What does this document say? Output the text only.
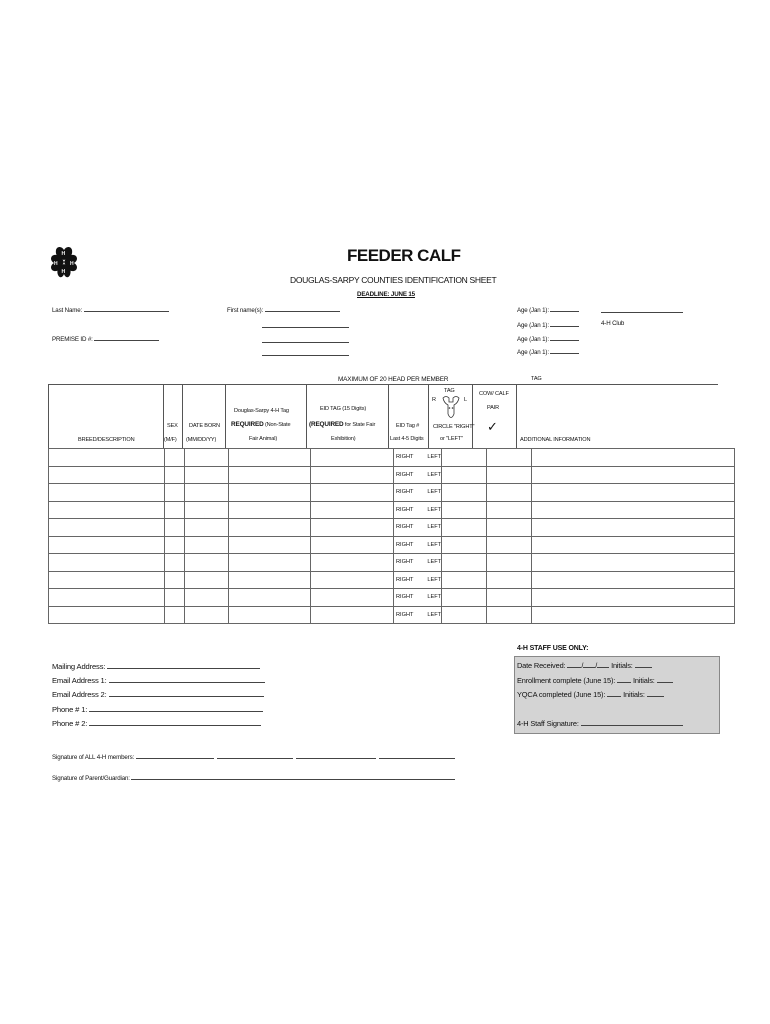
H
H H
H
FEEDER CALF
DOUGLAS-SARPY COUNTIES IDENTIFICATION SHEET
DEADLINE: JUNE 15
Last Name:	First name(s):
PREMISE ID #:
Age (Jan 1):
Age (Jan 1):
Age (Jan 1):
Age (Jan 1):
4-H Club
MAXIMUM OF 20 HEAD PER MEMBER	TAG
BREED/DESCRIPTION
SEX
(M/F)
DATE BORN
(MM/DD/YY)
Douglas-Sarpy 4-H Tag
REQUIRED (Non-State
Fair Animal)
EID TAG (15 Digits)
(REQUIRED for State Fair
Exhibition)
EID Tag #
Last 4-5 Digits
TAG
R	L
CIRCLE "RIGHT"
or "LEFT"
COW/ CALF
PAIR
✓
ADDITIONAL INFORMATION
					RIGHT LEFT			
					RIGHT LEFT			
					RIGHT LEFT			
					RIGHT LEFT			
					RIGHT LEFT			
					RIGHT LEFT			
					RIGHT LEFT			
					RIGHT LEFT			
					RIGHT LEFT			
					RIGHT LEFT			
Mailing Address:
Email Address 1:
Email Address 2:
Phone # 1:
Phone # 2:
4-H STAFF USE ONLY:
Date Received: / / Initials:
Enrollment complete (June 15): Initials:
YQCA completed (June 15): Initials:
4-H Staff Signature:
Signature of ALL 4-H members:
Signature of Parent/Guardian:
